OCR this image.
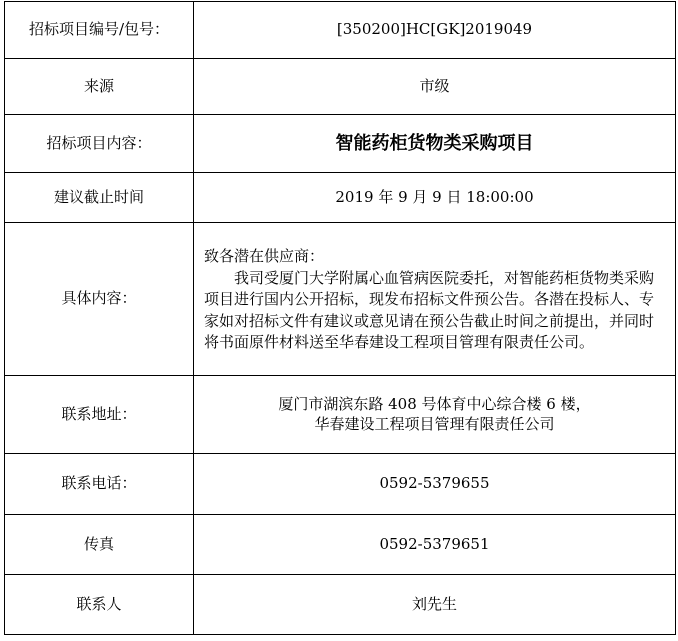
招标项目编号/包号：	[350200]HC[GK]2019049
来源	市级
招标项目内容：	智能药柜货物类采购项目
建议截止时间	2019 年 9 月 9 日 18:00:00
具体内容：	致各潜在供应商：
我司受厦门大学附属心血管病医院委托，对智能药柜货物类采购项目进行国内公开招标，现发布招标文件预公告。各潜在投标人、专家如对招标文件有建议或意见请在预公告截止时间之前提出，并同时将书面原件材料送至华春建设工程项目管理有限责任公司。

联系地址：	厦门市湖滨东路 408 号体育中心综合楼 6 楼，
华春建设工程项目管理有限责任公司

联系电话：	0592-5379655
传真	0592-5379651
联系人	刘先生
